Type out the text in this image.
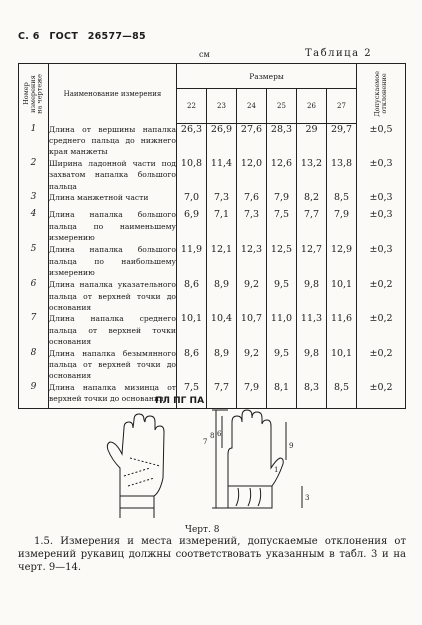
С. 6 ГОСТ 26577—85
см	Таблица 2
Номер
измерения
на чертеже	Наименование измерения	Размеры						Допускаемое
отклонение

		22	23	24	25	26	27	
1	Длина от вершины напалка среднего пальца до нижнего края манжеты	26,3	26,9	27,6	28,3	29	29,7	±0,5
2	Ширина ладонной части под захватом напалка большого пальца	10,8	11,4	12,0	12,6	13,2	13,8	±0,3
3	Длина манжетной части	7,0	7,3	7,6	7,9	8,2	8,5	±0,3
4	Длина напалка большого пальца по наименьшему измерению	6,9	7,1	7,3	7,5	7,7	7,9	±0,3
5	Длина напалка большого пальца по наибольшему измерению	11,9	12,1	12,3	12,5	12,7	12,9	±0,3
6	Длина напалка указательного пальца от верхней точки до основания	8,6	8,9	9,2	9,5	9,8	10,1	±0,2
7	Длина напалка среднего пальца от верхней точки основания	10,1	10,4	10,7	11,0	11,3	11,6	±0,2
8	Длина напалка безымянного пальца от верхней точки до основания	8,6	8,9	9,2	9,5	9,8	10,1	±0,2
9	Длина напалка мизинца от верхней точки до основания	7,5	7,7	7,9	8,1	8,3	8,5	±0,2
ПЛ ПГ ПА
7
8 6
9
3
1
Черт. 8
1.5. Измерения и места измерений, допускаемые отклонения от измерений рукавиц должны соответствовать указанным в табл. 3 и на черт. 9—14.
